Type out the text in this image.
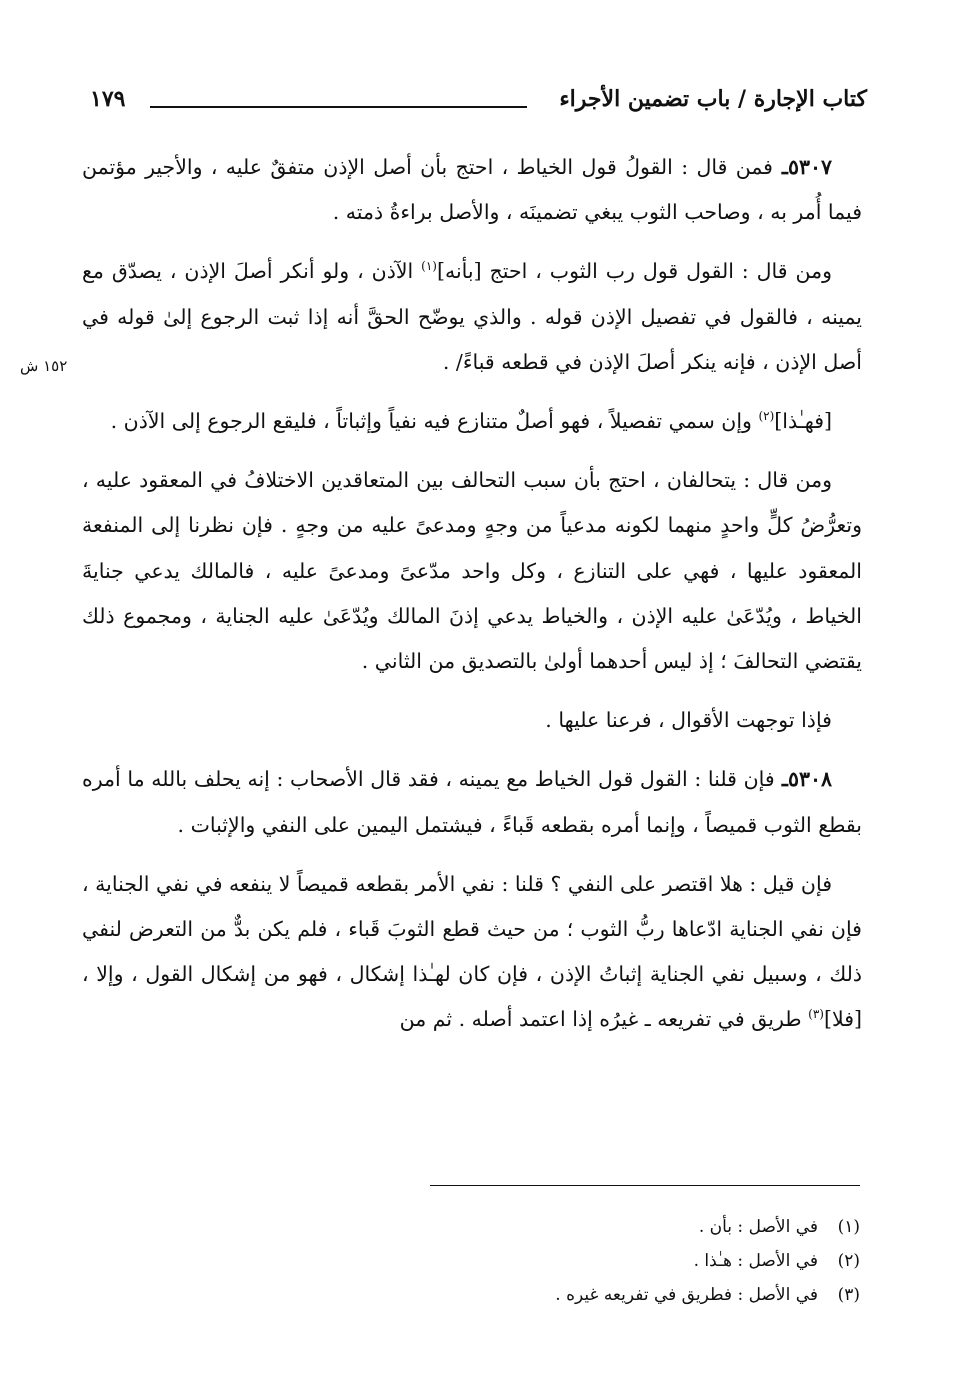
كتاب الإجارة / باب تضمين الأجراء
١٧٩
١٥٢ ش

٥٣٠٧ـ فمن قال : القولُ قول الخياط ، احتج بأن أصل الإذن متفقٌ عليه ، والأجير مؤتمن فيما أُمر به ، وصاحب الثوب يبغي تضمينَه ، والأصل براءةُ ذمته .

ومن قال : القول قول رب الثوب ، احتج [بأنه]$^{(١)}$ الآذن ، ولو أنكر أصلَ الإذن ، يصدّق مع يمينه ، فالقول في تفصيل الإذن قوله . والذي يوضّح الحقَّ أنه إذا ثبت الرجوع إلىٰ قوله في أصل الإذن ، فإنه ينكر أصلَ الإذن في قطعه قباءً/ .

[فهـٰذا]$^{(٢)}$ وإن سمي تفصيلاً ، فهو أصلٌ متنازع فيه نفياً وإثباتاً ، فليقع الرجوع إلى الآذن .

ومن قال : يتحالفان ، احتج بأن سبب التحالف بين المتعاقدين الاختلافُ في المعقود عليه ، وتعرُّضُ كلٍّ واحدٍ منهما لكونه مدعياً من وجهٍ ومدعىً عليه من وجهٍ . فإن نظرنا إلى المنفعة المعقود عليها ، فهي على التنازع ، وكل واحد مدّعىً ومدعىً عليه ، فالمالك يدعي جنايةَ الخياط ، ويُدّعَىٰ عليه الإذن ، والخياط يدعي إذنَ المالك ويُدّعَىٰ عليه الجناية ، ومجموع ذلك يقتضي التحالفَ ؛ إذ ليس أحدهما أولىٰ بالتصديق من الثاني .

فإذا توجهت الأقوال ، فرعنا عليها .

٥٣٠٨ـ فإن قلنا : القول قول الخياط مع يمينه ، فقد قال الأصحاب : إنه يحلف بالله ما أمره بقطع الثوب قميصاً ، وإنما أمره بقطعه قَباءً ، فيشتمل اليمين على النفي والإثبات .

فإن قيل : هلا اقتصر على النفي ؟ قلنا : نفي الأمر بقطعه قميصاً لا ينفعه في نفي الجناية ، فإن نفي الجناية ادّعاها ربُّ الثوب ؛ من حيث قطع الثوبَ قَباء ، فلم يكن بدٌّ من التعرض لنفي ذلك ، وسبيل نفي الجناية إثباتُ الإذن ، فإن كان لهـٰذا إشكال ، فهو من إشكال القول ، وإلا ، [فلا]$^{(٣)}$ طريق في تفريعه ـ غيرُه إذا اعتمد أصله . ثم من

(١)
في الأصل : بأن .
(٢)
في الأصل : هـٰذا .
(٣)
في الأصل : فطريق في تفريعه غيره .
